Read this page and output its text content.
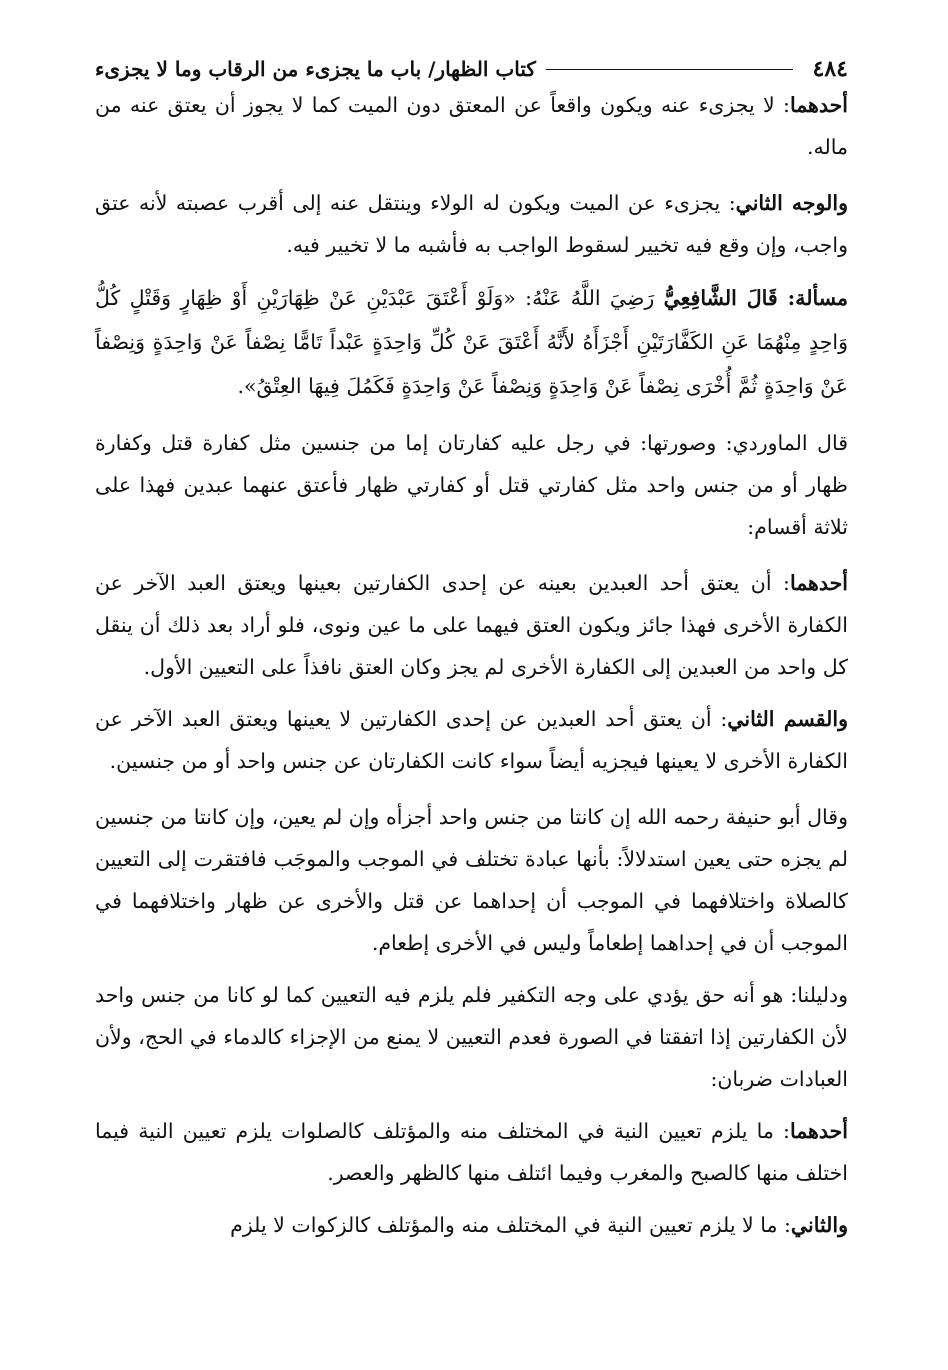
٤٨٤
كتاب الظهار/ باب ما يجزىء من الرقاب وما لا يجزىء

أحدهما: لا يجزىء عنه ويكون واقعاً عن المعتق دون الميت كما لا يجوز أن يعتق عنه من ماله.

والوجه الثاني: يجزىء عن الميت ويكون له الولاء وينتقل عنه إلى أقرب عصبته لأنه عتق واجب، وإن وقع فيه تخيير لسقوط الواجب به فأشبه ما لا تخيير فيه.

مسألة: قَالَ الشَّافِعِيُّ رَضِيَ اللَّهُ عَنْهُ: «وَلَوْ أَعْتَقَ عَبْدَيْنِ عَنْ ظِهَارَيْنِ أَوْ ظِهَارٍ وَقَتْلٍ كُلُّ وَاحِدٍ مِنْهُمَا عَنِ الكَفَّارَتَيْنِ أَجْزَأَهُ لأَنَّهُ أَعْتَقَ عَنْ كُلِّ وَاحِدَةٍ عَبْداً تَامًّا نِصْفاً عَنْ وَاحِدَةٍ وَنِصْفاً عَنْ وَاحِدَةٍ ثُمَّ أُخْرَى نِصْفاً عَنْ وَاحِدَةٍ وَنِصْفاً عَنْ وَاحِدَةٍ فَكَمُلَ فِيهَا العِتْقُ».

قال الماوردي: وصورتها: في رجل عليه كفارتان إما من جنسين مثل كفارة قتل وكفارة ظهار أو من جنس واحد مثل كفارتي قتل أو كفارتي ظهار فأعتق عنهما عبدين فهذا على ثلاثة أقسام:

أحدهما: أن يعتق أحد العبدين بعينه عن إحدى الكفارتين بعينها ويعتق العبد الآخر عن الكفارة الأخرى فهذا جائز ويكون العتق فيهما على ما عين ونوى، فلو أراد بعد ذلك أن ينقل كل واحد من العبدين إلى الكفارة الأخرى لم يجز وكان العتق نافذاً على التعيين الأول.

والقسم الثاني: أن يعتق أحد العبدين عن إحدى الكفارتين لا يعينها ويعتق العبد الآخر عن الكفارة الأخرى لا يعينها فيجزيه أيضاً سواء كانت الكفارتان عن جنس واحد أو من جنسين.

وقال أبو حنيفة رحمه الله إن كانتا من جنس واحد أجزأه وإن لم يعين، وإن كانتا من جنسين لم يجزه حتى يعين استدلالاً: بأنها عبادة تختلف في الموجب والموجَب فافتقرت إلى التعيين كالصلاة واختلافهما في الموجب أن إحداهما عن قتل والأخرى عن ظهار واختلافهما في الموجب أن في إحداهما إطعاماً وليس في الأخرى إطعام.

ودليلنا: هو أنه حق يؤدي على وجه التكفير فلم يلزم فيه التعيين كما لو كانا من جنس واحد لأن الكفارتين إذا اتفقتا في الصورة فعدم التعيين لا يمنع من الإجزاء كالدماء في الحج، ولأن العبادات ضربان:

أحدهما: ما يلزم تعيين النية في المختلف منه والمؤتلف كالصلوات يلزم تعيين النية فيما اختلف منها كالصبح والمغرب وفيما ائتلف منها كالظهر والعصر.

والثاني: ما لا يلزم تعيين النية في المختلف منه والمؤتلف كالزكوات لا يلزم
